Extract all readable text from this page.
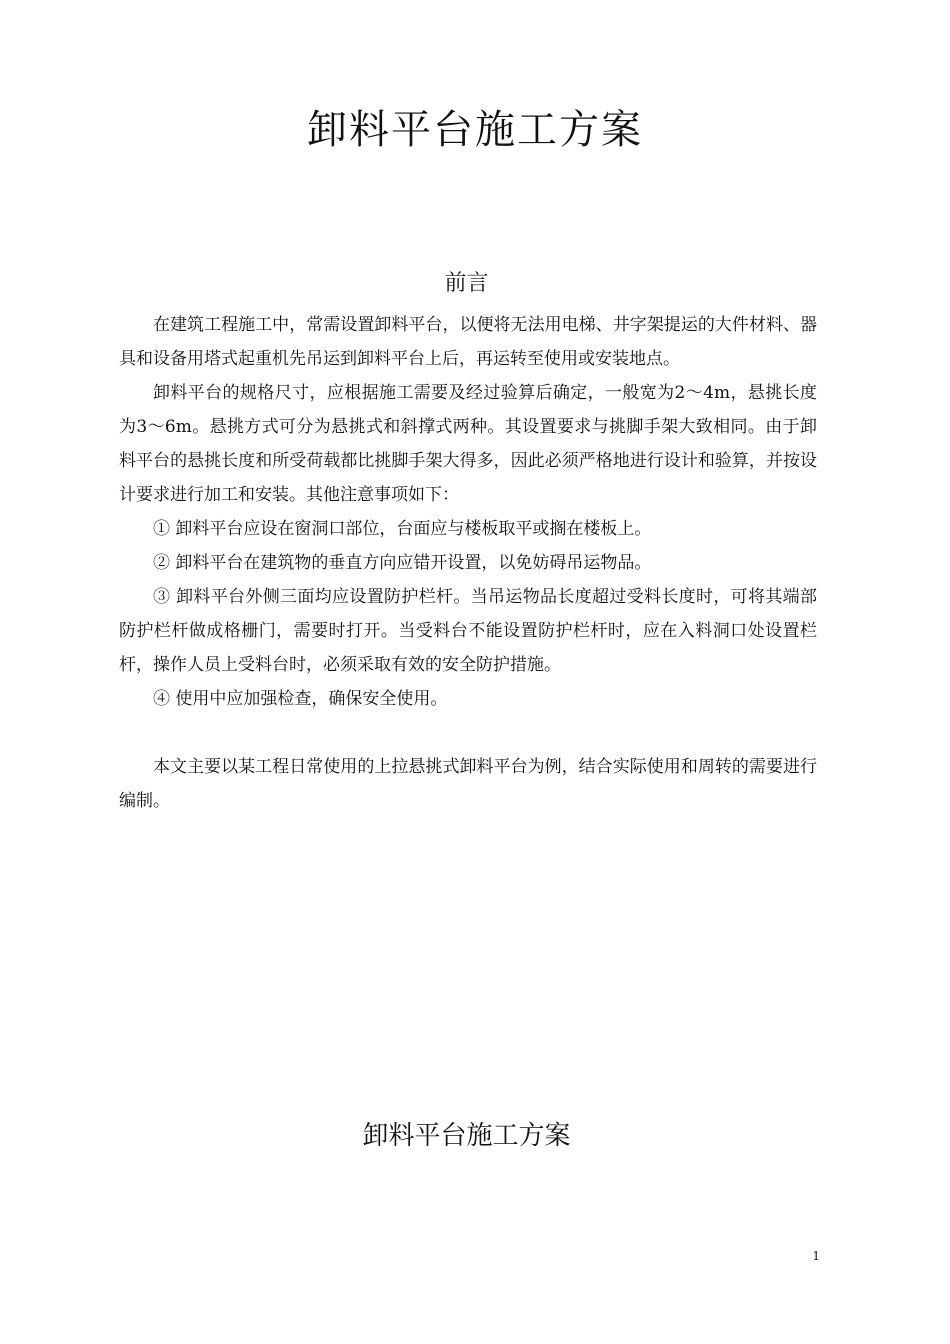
卸料平台施工方案
前言

在建筑工程施工中，常需设置卸料平台，以便将无法用电梯、井字架提运的大件材料、器具和设备用塔式起重机先吊运到卸料平台上后，再运转至使用或安装地点。

卸料平台的规格尺寸，应根据施工需要及经过验算后确定，一般宽为2～4m，悬挑长度为3～6m。悬挑方式可分为悬挑式和斜撑式两种。其设置要求与挑脚手架大致相同。由于卸料平台的悬挑长度和所受荷载都比挑脚手架大得多，因此必须严格地进行设计和验算，并按设计要求进行加工和安装。其他注意事项如下：

① 卸料平台应设在窗洞口部位，台面应与楼板取平或搁在楼板上。

② 卸料平台在建筑物的垂直方向应错开设置，以免妨碍吊运物品。

③ 卸料平台外侧三面均应设置防护栏杆。当吊运物品长度超过受料长度时，可将其端部防护栏杆做成格栅门，需要时打开。当受料台不能设置防护栏杆时，应在入料洞口处设置栏杆，操作人员上受料台时，必须采取有效的安全防护措施。

④ 使用中应加强检查，确保安全使用。

本文主要以某工程日常使用的上拉悬挑式卸料平台为例，结合实际使用和周转的需要进行编制。

卸料平台施工方案
1
